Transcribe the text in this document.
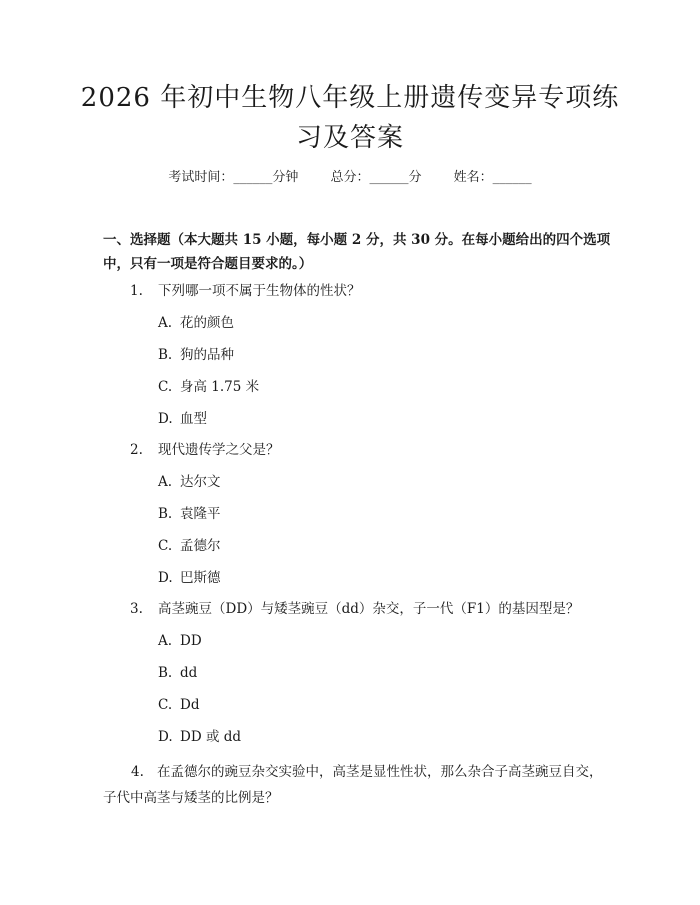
2026 年初中生物八年级上册遗传变异专项练
习及答案
考试时间：______分钟 总分：______分 姓名：______
一、选择题（本大题共 15 小题，每小题 2 分，共 30 分。在每小题给出的四个选项中，只有一项是符合题目要求的。）
1. 下列哪一项不属于生物体的性状？
A. 花的颜色
B. 狗的品种
C. 身高 1.75 米
D. 血型
2. 现代遗传学之父是？
A. 达尔文
B. 袁隆平
C. 孟德尔
D. 巴斯德
3. 高茎豌豆（DD）与矮茎豌豆（dd）杂交，子一代（F1）的基因型是？
A. DD
B. dd
C. Dd
D. DD 或 dd
4. 在孟德尔的豌豆杂交实验中，高茎是显性性状，那么杂合子高茎豌豆自交，子代中高茎与矮茎的比例是？
